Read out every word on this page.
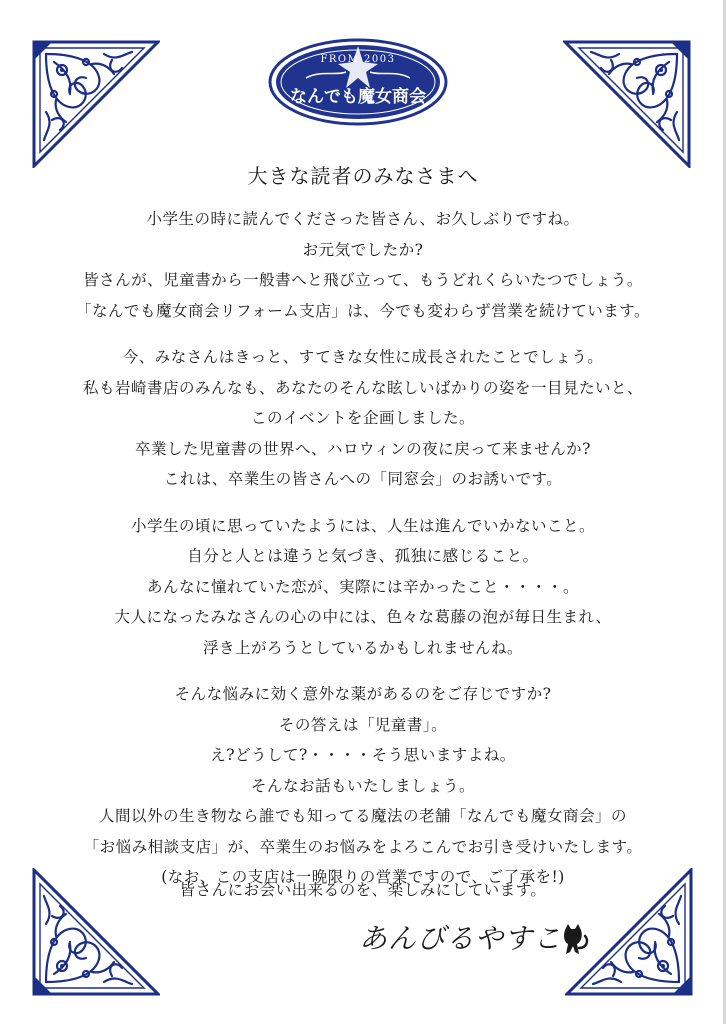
FROM 2003
なんでも魔女商会
大きな読者のみなさまへ
小学生の時に読んでくださった皆さん、お久しぶりですね。
お元気でしたか?
皆さんが、児童書から一般書へと飛び立って、もうどれくらいたつでしょう。
「なんでも魔女商会リフォーム支店」は、今でも変わらず営業を続けています。
今、みなさんはきっと、すてきな女性に成長されたことでしょう。
私も岩崎書店のみんなも、あなたのそんな眩しいばかりの姿を一目見たいと、
このイベントを企画しました。
卒業した児童書の世界へ、ハロウィンの夜に戻って来ませんか?
これは、卒業生の皆さんへの「同窓会」のお誘いです。
小学生の頃に思っていたようには、人生は進んでいかないこと。
自分と人とは違うと気づき、孤独に感じること。
あんなに憧れていた恋が、実際には辛かったこと・・・・。
大人になったみなさんの心の中には、色々な葛藤の泡が毎日生まれ、
浮き上がろうとしているかもしれませんね。
そんな悩みに効く意外な薬があるのをご存じですか?
その答えは「児童書」。
え?どうして?・・・・そう思いますよね。
そんなお話もいたしましょう。
人間以外の生き物なら誰でも知ってる魔法の老舗「なんでも魔女商会」の
「お悩み相談支店」が、卒業生のお悩みをよろこんでお引き受けいたします。
(なお、この支店は一晩限りの営業ですので、ご了承を!)
皆さんにお会い出来るのを、楽しみにしています。
あんびるやすこ
